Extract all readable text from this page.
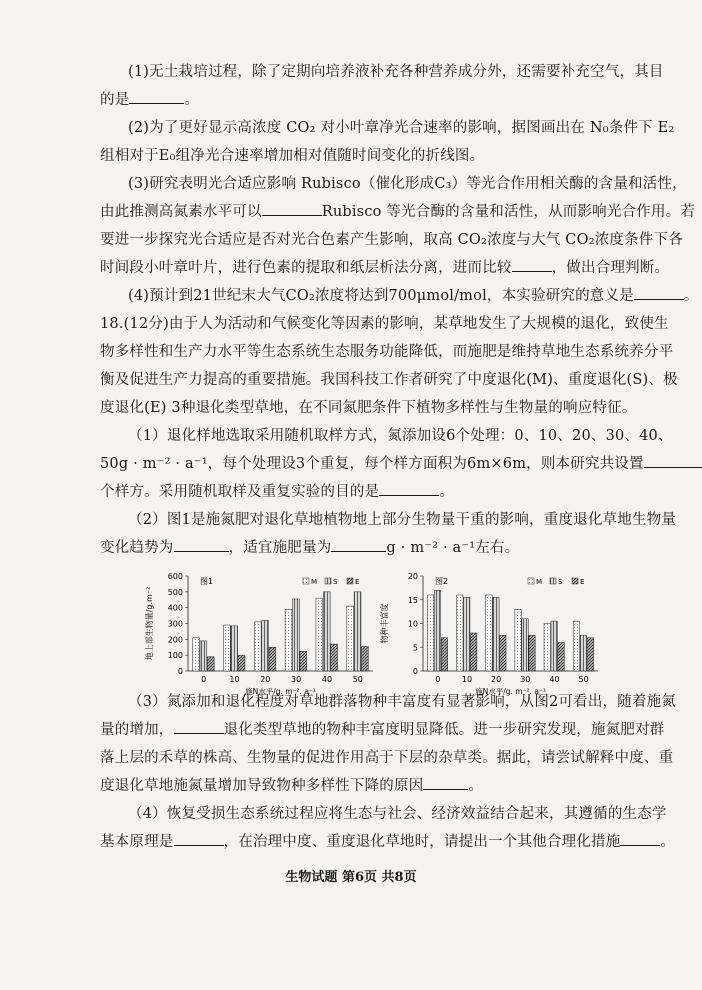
(1)无土栽培过程，除了定期向培养液补充各种营养成分外，还需要补充空气，其目
的是	。
(2)为了更好显示高浓度 CO₂ 对小叶章净光合速率的影响，据图画出在 N₀条件下 E₂
组相对于E₀组净光合速率增加相对值随时间变化的折线图。
(3)研究表明光合适应影响 Rubisco（催化形成C₃）等光合作用相关酶的含量和活性，
由此推测高氮素水平可以	Rubisco 等光合酶的含量和活性，从而影响光合作用。若
要进一步探究光合适应是否对光合色素产生影响，取高 CO₂浓度与大气 CO₂浓度条件下各
时间段小叶章叶片，进行色素的提取和纸层析法分离，进而比较	，做出合理判断。
(4)预计到21世纪末大气CO₂浓度将达到700μmol/mol，本实验研究的意义是	。
18.(12分)由于人为活动和气候变化等因素的影响，某草地发生了大规模的退化，致使生
物多样性和生产力水平等生态系统生态服务功能降低，而施肥是维持草地生态系统养分平
衡及促进生产力提高的重要措施。我国科技工作者研究了中度退化(M)、重度退化(S)、极
度退化(E) 3种退化类型草地，在不同氮肥条件下植物多样性与生物量的响应特征。
（1）退化样地选取采用随机取样方式，氮添加设6个处理：0、10、20、30、40、
50g · m⁻² · a⁻¹，每个处理设3个重复，每个样方面积为6m×6m，则本研究共设置
个样方。采用随机取样及重复实验的目的是	。
（2）图1是施氮肥对退化草地植物地上部分生物量干重的影响，重度退化草地生物量
（3）氮添加和退化程度对草地群落物种丰富度有显著影响，从图2可看出，随着施氮
量的增加，	退化类型草地的物种丰富度明显降低。进一步研究发现，施氮肥对群
落上层的禾草的株高、生物量的促进作用高于下层的杂草类。据此，请尝试解释中度、重
度退化草地施氮量增加导致物种多样性下降的原因	。
（4）恢复受损生态系统过程应将生态与社会、经济效益结合起来，其遵循的生态学
基本原理是	，在治理中度、重度退化草地时，请提出一个其他合理化措施	。
生物试题 第6页 共8页
变化趋势为	，适宜施肥量为	g · m⁻² · a⁻¹左右。
地上部生物量/g.m⁻²
图1	M S	E
0
100
200
300
400
500
600
0	10	20	30	40	50
施N水平/g. m⁻². a⁻¹
物种丰富度
图2	M S	E
0
5
10
15
20
0	10 20 30 40 50
施N水平/g. m⁻². a⁻¹
